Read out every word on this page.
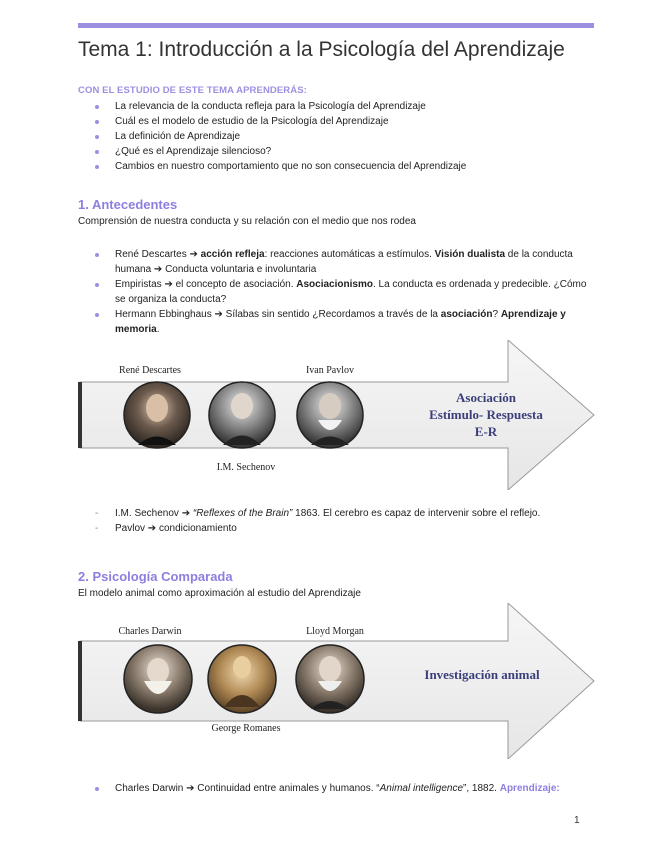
Tema 1: Introducción a la Psicología del Aprendizaje
CON EL ESTUDIO DE ESTE TEMA APRENDERÁS:
La relevancia de la conducta refleja para la Psicología del Aprendizaje
Cuál es el modelo de estudio de la Psicología del Aprendizaje
La definición de Aprendizaje
¿Qué es el Aprendizaje silencioso?
Cambios en nuestro comportamiento que no son consecuencia del Aprendizaje
1. Antecedentes
Comprensión de nuestra conducta y su relación con el medio que nos rodea
René Descartes ➔ acción refleja: reacciones automáticas a estímulos. Visión dualista de la conducta humana ➔ Conducta voluntaria e involuntaria
Empiristas ➔ el concepto de asociación. Asociacionismo. La conducta es ordenada y predecible. ¿Cómo se organiza la conducta?
Hermann Ebbinghaus ➔ Sílabas sin sentido ¿Recordamos a través de la asociación? Aprendizaje y memoria.
René Descartes	Ivan Pavlov
I.M. Sechenov
Asociación
Estímulo- Respuesta
E-R
- I.M. Sechenov ➔ “Reflexes of the Brain” 1863. El cerebro es capaz de intervenir sobre el reflejo.
- Pavlov ➔ condicionamiento
2. Psicología Comparada
El modelo animal como aproximación al estudio del Aprendizaje
Charles Darwin	Lloyd Morgan
George Romanes
Investigación animal
Charles Darwin ➔ Continuidad entre animales y humanos. “Animal intelligence”, 1882. Aprendizaje:
1
